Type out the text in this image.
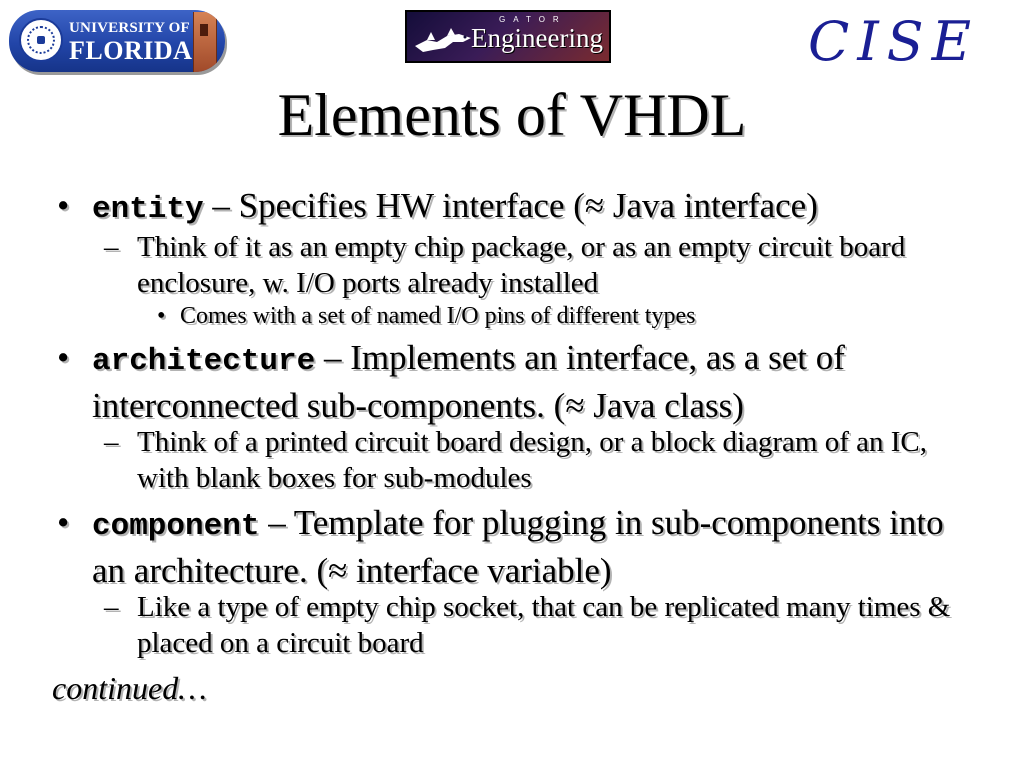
UNIVERSITY OF
FLORIDA
GATOR
Engineering	CISE
Elements of VHDL
• entity – Specifies HW interface (≈ Java interface)
– Think of it as an empty chip package, or as an empty circuit board enclosure, w. I/O ports already installed
• Comes with a set of named I/O pins of different types
• architecture – Implements an interface, as a set of interconnected sub-components. (≈ Java class)
– Think of a printed circuit board design, or a block diagram of an IC, with blank boxes for sub-modules
• component – Template for plugging in sub-components into an architecture. (≈ interface variable)
– Like a type of empty chip socket, that can be replicated many times & placed on a circuit board
continued…
